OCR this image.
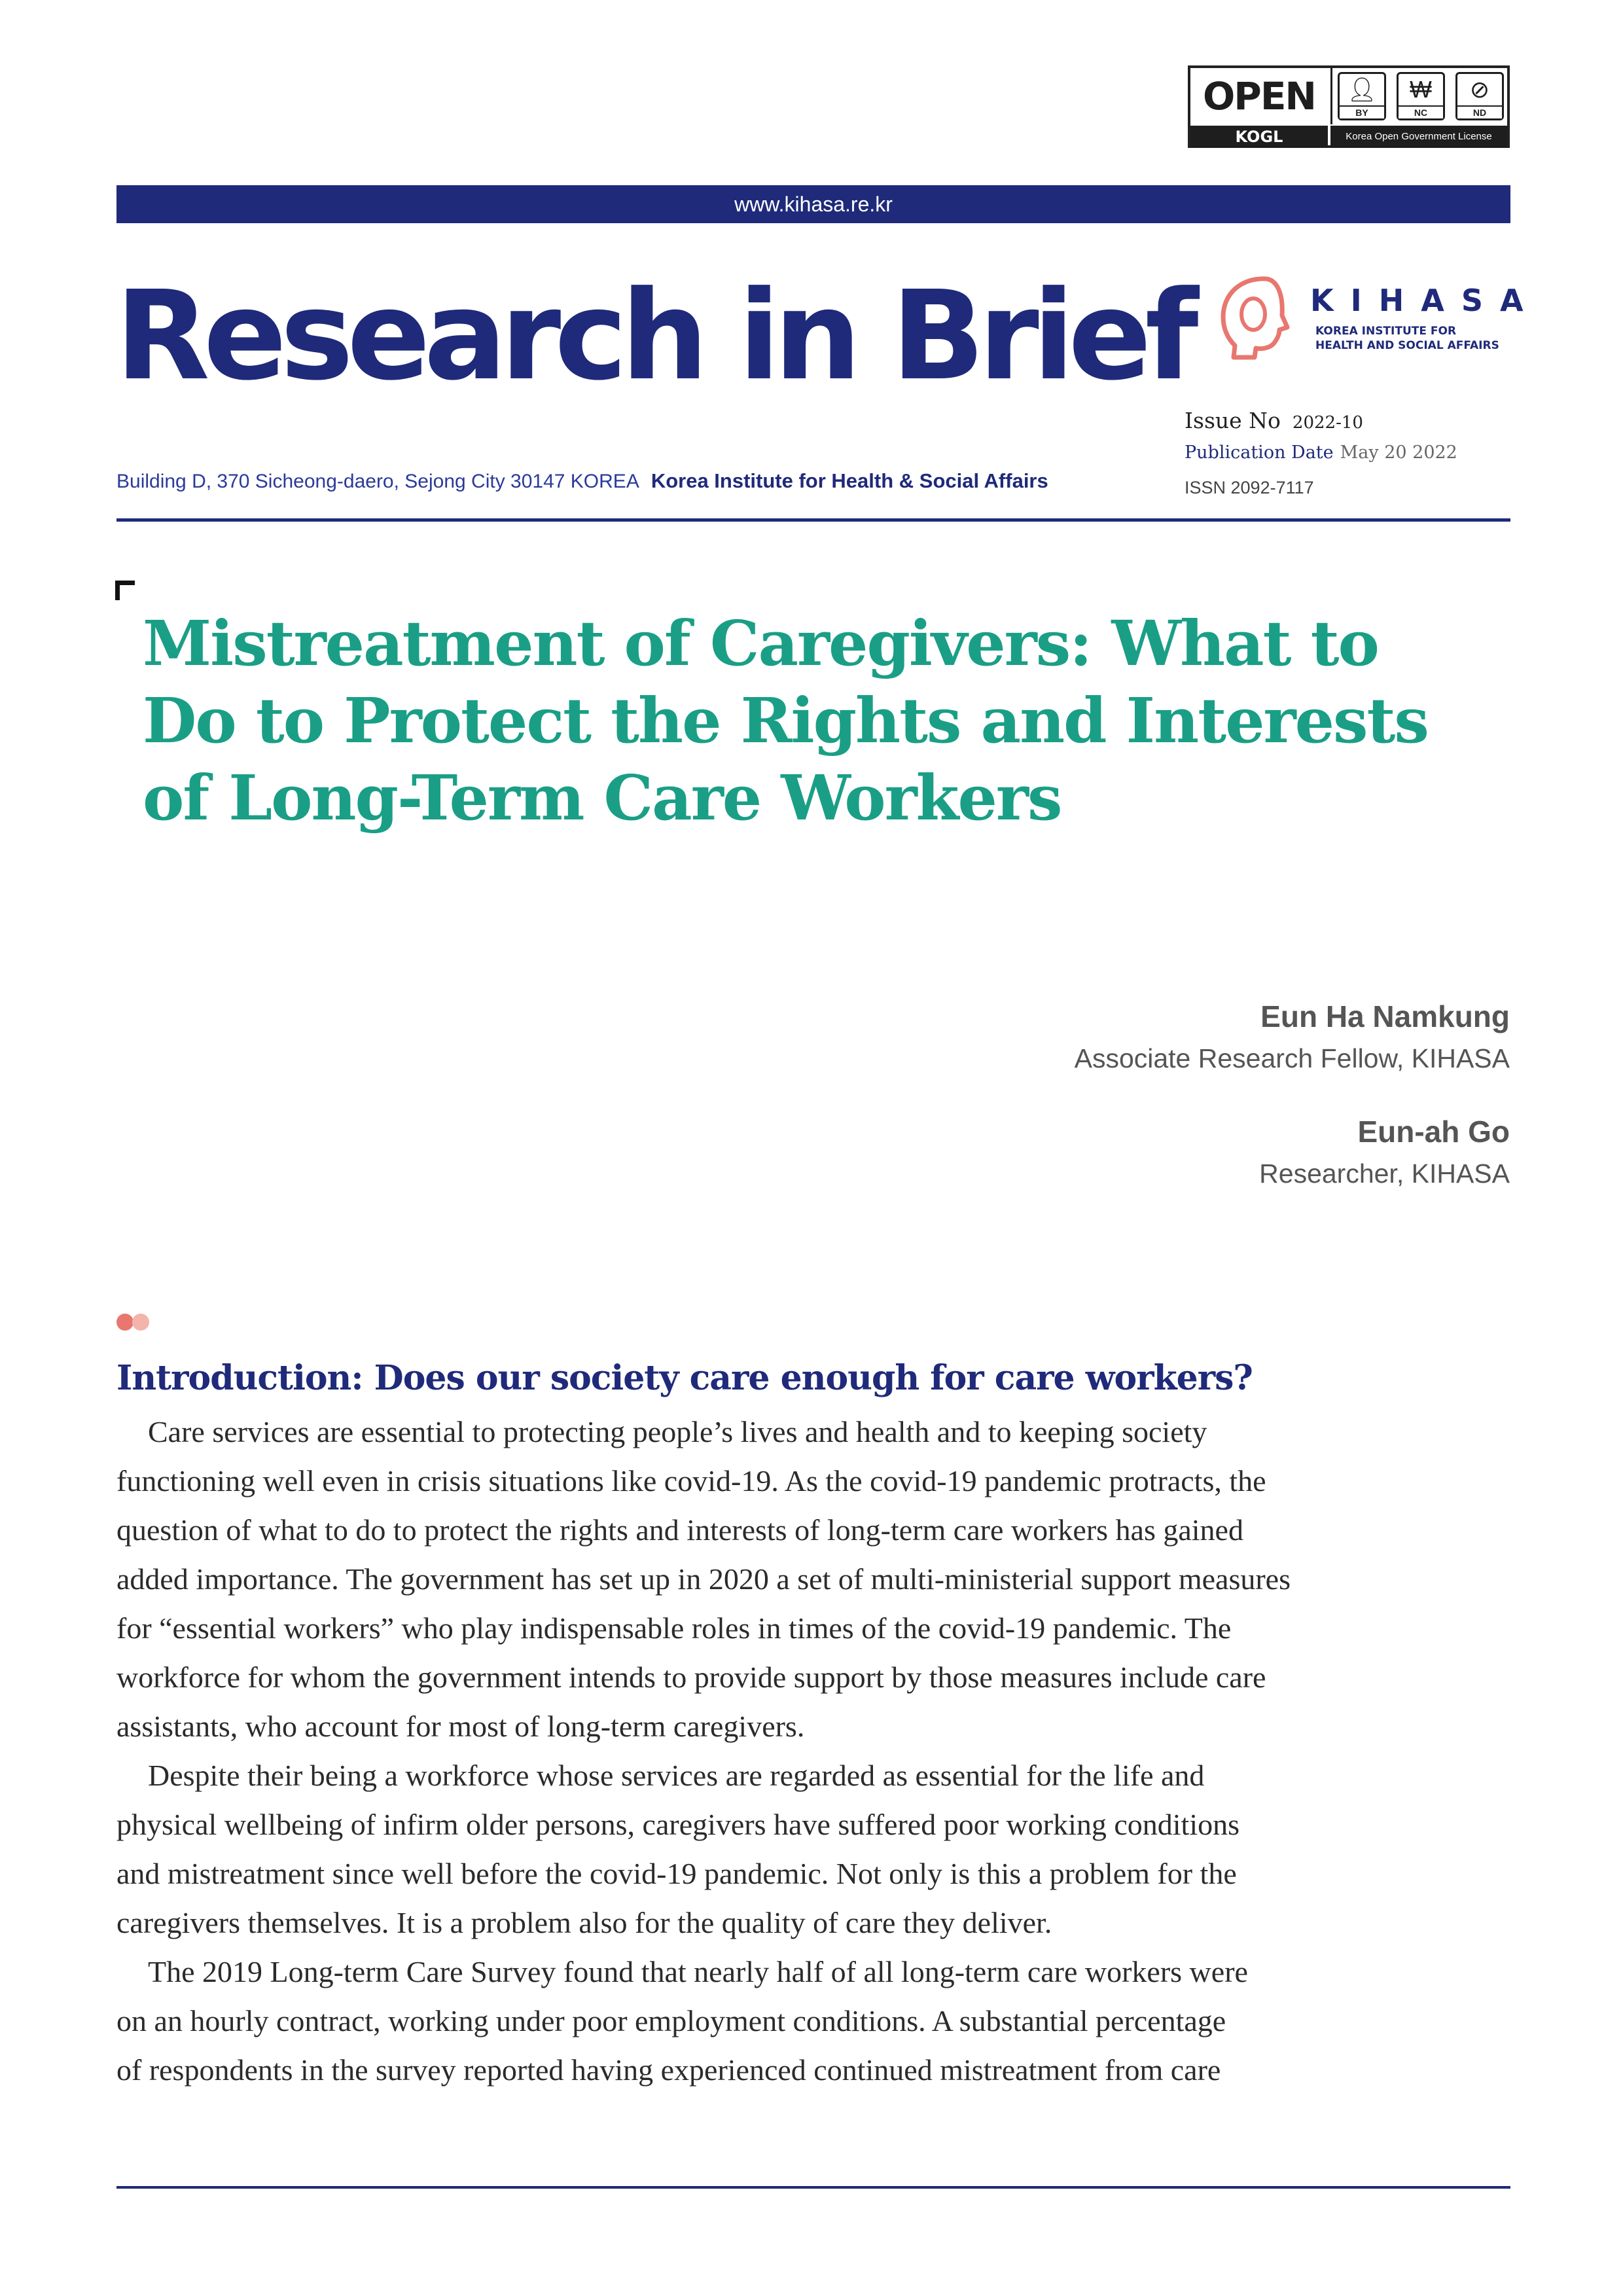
OPEN
KOGL
👤︎
BY
₩
NC
⊘
ND
Korea Open Government License
www.kihasa.re.kr
Research in Brief	KIHASA
KOREA INSTITUTE FOR
HEALTH AND SOCIAL AFFAIRS
Issue No 2022-10
Publication Date May 20 2022
ISSN 2092-7117
Building D, 370 Sicheong-daero, Sejong City 30147 KOREA Korea Institute for Health & Social Affairs
Mistreatment of Caregivers: What to Do to Protect the Rights and Interests of Long-Term Care Workers
Eun Ha Namkung
Associate Research Fellow, KIHASA
Eun-ah Go
Researcher, KIHASA
Introduction: Does our society care enough for care workers?
Care services are essential to protecting people’s lives and health and to keeping society
functioning well even in crisis situations like covid-19. As the covid-19 pandemic protracts, the
question of what to do to protect the rights and interests of long-term care workers has gained
added importance. The government has set up in 2020 a set of multi-ministerial support measures
for “essential workers” who play indispensable roles in times of the covid-19 pandemic. The
workforce for whom the government intends to provide support by those measures include care
assistants, who account for most of long-term caregivers.
Despite their being a workforce whose services are regarded as essential for the life and
physical wellbeing of infirm older persons, caregivers have suffered poor working conditions
and mistreatment since well before the covid-19 pandemic. Not only is this a problem for the
caregivers themselves. It is a problem also for the quality of care they deliver.
The 2019 Long-term Care Survey found that nearly half of all long-term care workers were
on an hourly contract, working under poor employment conditions. A substantial percentage
of respondents in the survey reported having experienced continued mistreatment from care
